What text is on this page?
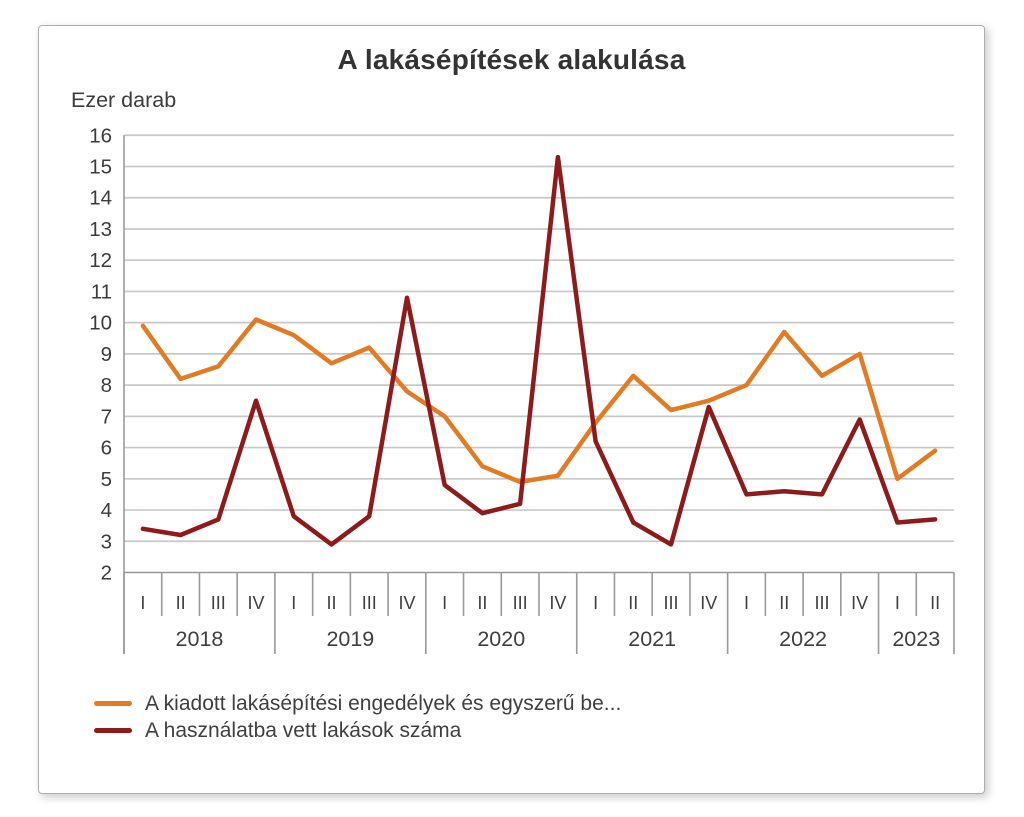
A lakásépítések alakulása
Ezer darab
2
3
4
5
6
7
8
9
10
11
12
13
14
15
16
I II III IV
2018
I II III IV
2019
I II III IV
2020
I II III IV
2021
I II III IV
2022
I II
2023
A kiadott lakásépítési engedélyek és egyszerű be...
A használatba vett lakások száma
